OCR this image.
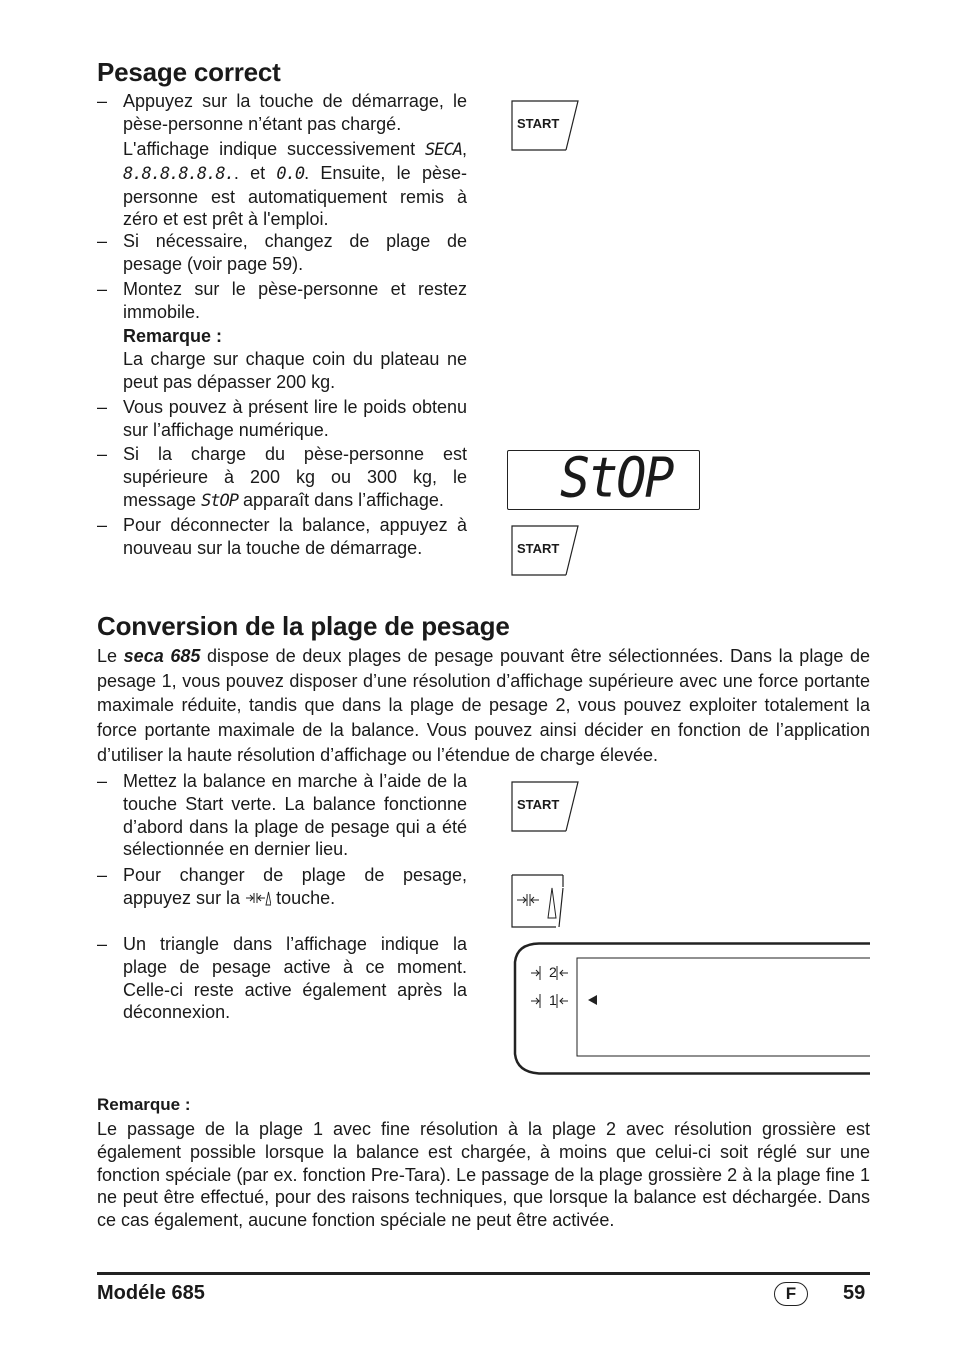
Pesage correct
– Appuyez sur la touche de démarrage, le pèse-personne n’étant pas chargé.
L'affichage indique successivement SECA, 8.8.8.8.8.8.. et 0.0. Ensuite, le pèse-personne est automatiquement remis à zéro et est prêt à l'emploi.
– Si nécessaire, changez de plage de pesage (voir page 59).
– Montez sur le pèse-personne et restez immobile.
Remarque :
La charge sur chaque coin du plateau ne peut pas dépasser 200 kg.
– Vous pouvez à présent lire le poids obtenu sur l’affichage numérique.
– Si la charge du pèse-personne est supérieure à 200 kg ou 300 kg, le message StOP apparaît dans l’affichage.
– Pour déconnecter la balance, appuyez à nouveau sur la touche de démarrage.
START
StOP
START
Conversion de la plage de pesage
Le seca 685 dispose de deux plages de pesage pouvant être sélectionnées. Dans la plage de pesage 1, vous pouvez disposer d’une résolution d’affichage supérieure avec une force portante maximale réduite, tandis que dans la plage de pesage 2, vous pouvez exploiter totalement la force portante maximale de la balance. Vous pouvez ainsi décider en fonction de l’application d’utiliser la haute résolution d’affichage ou l’étendue de charge élevée.
– Mettez la balance en marche à l’aide de la touche Start verte. La balance fonctionne d’abord dans la plage de pesage qui a été sélectionnée en dernier lieu.
– Pour changer de plage de pesage, appuyez sur la touche.
– Un triangle dans l’affichage indique la plage de pesage active à ce moment. Celle-ci reste active également après la déconnexion.
START
2
1
Remarque :
Le passage de la plage 1 avec fine résolution à la plage 2 avec résolution grossière est également possible lorsque la balance est chargée, à moins que celui-ci soit réglé sur une fonction spéciale (par ex. fonction Pre-Tara). Le passage de la plage grossière 2 à la plage fine 1 ne peut être effectué, pour des raisons techniques, que lorsque la balance est déchargée. Dans ce cas également, aucune fonction spéciale ne peut être activée.
Modéle 685	F	59
